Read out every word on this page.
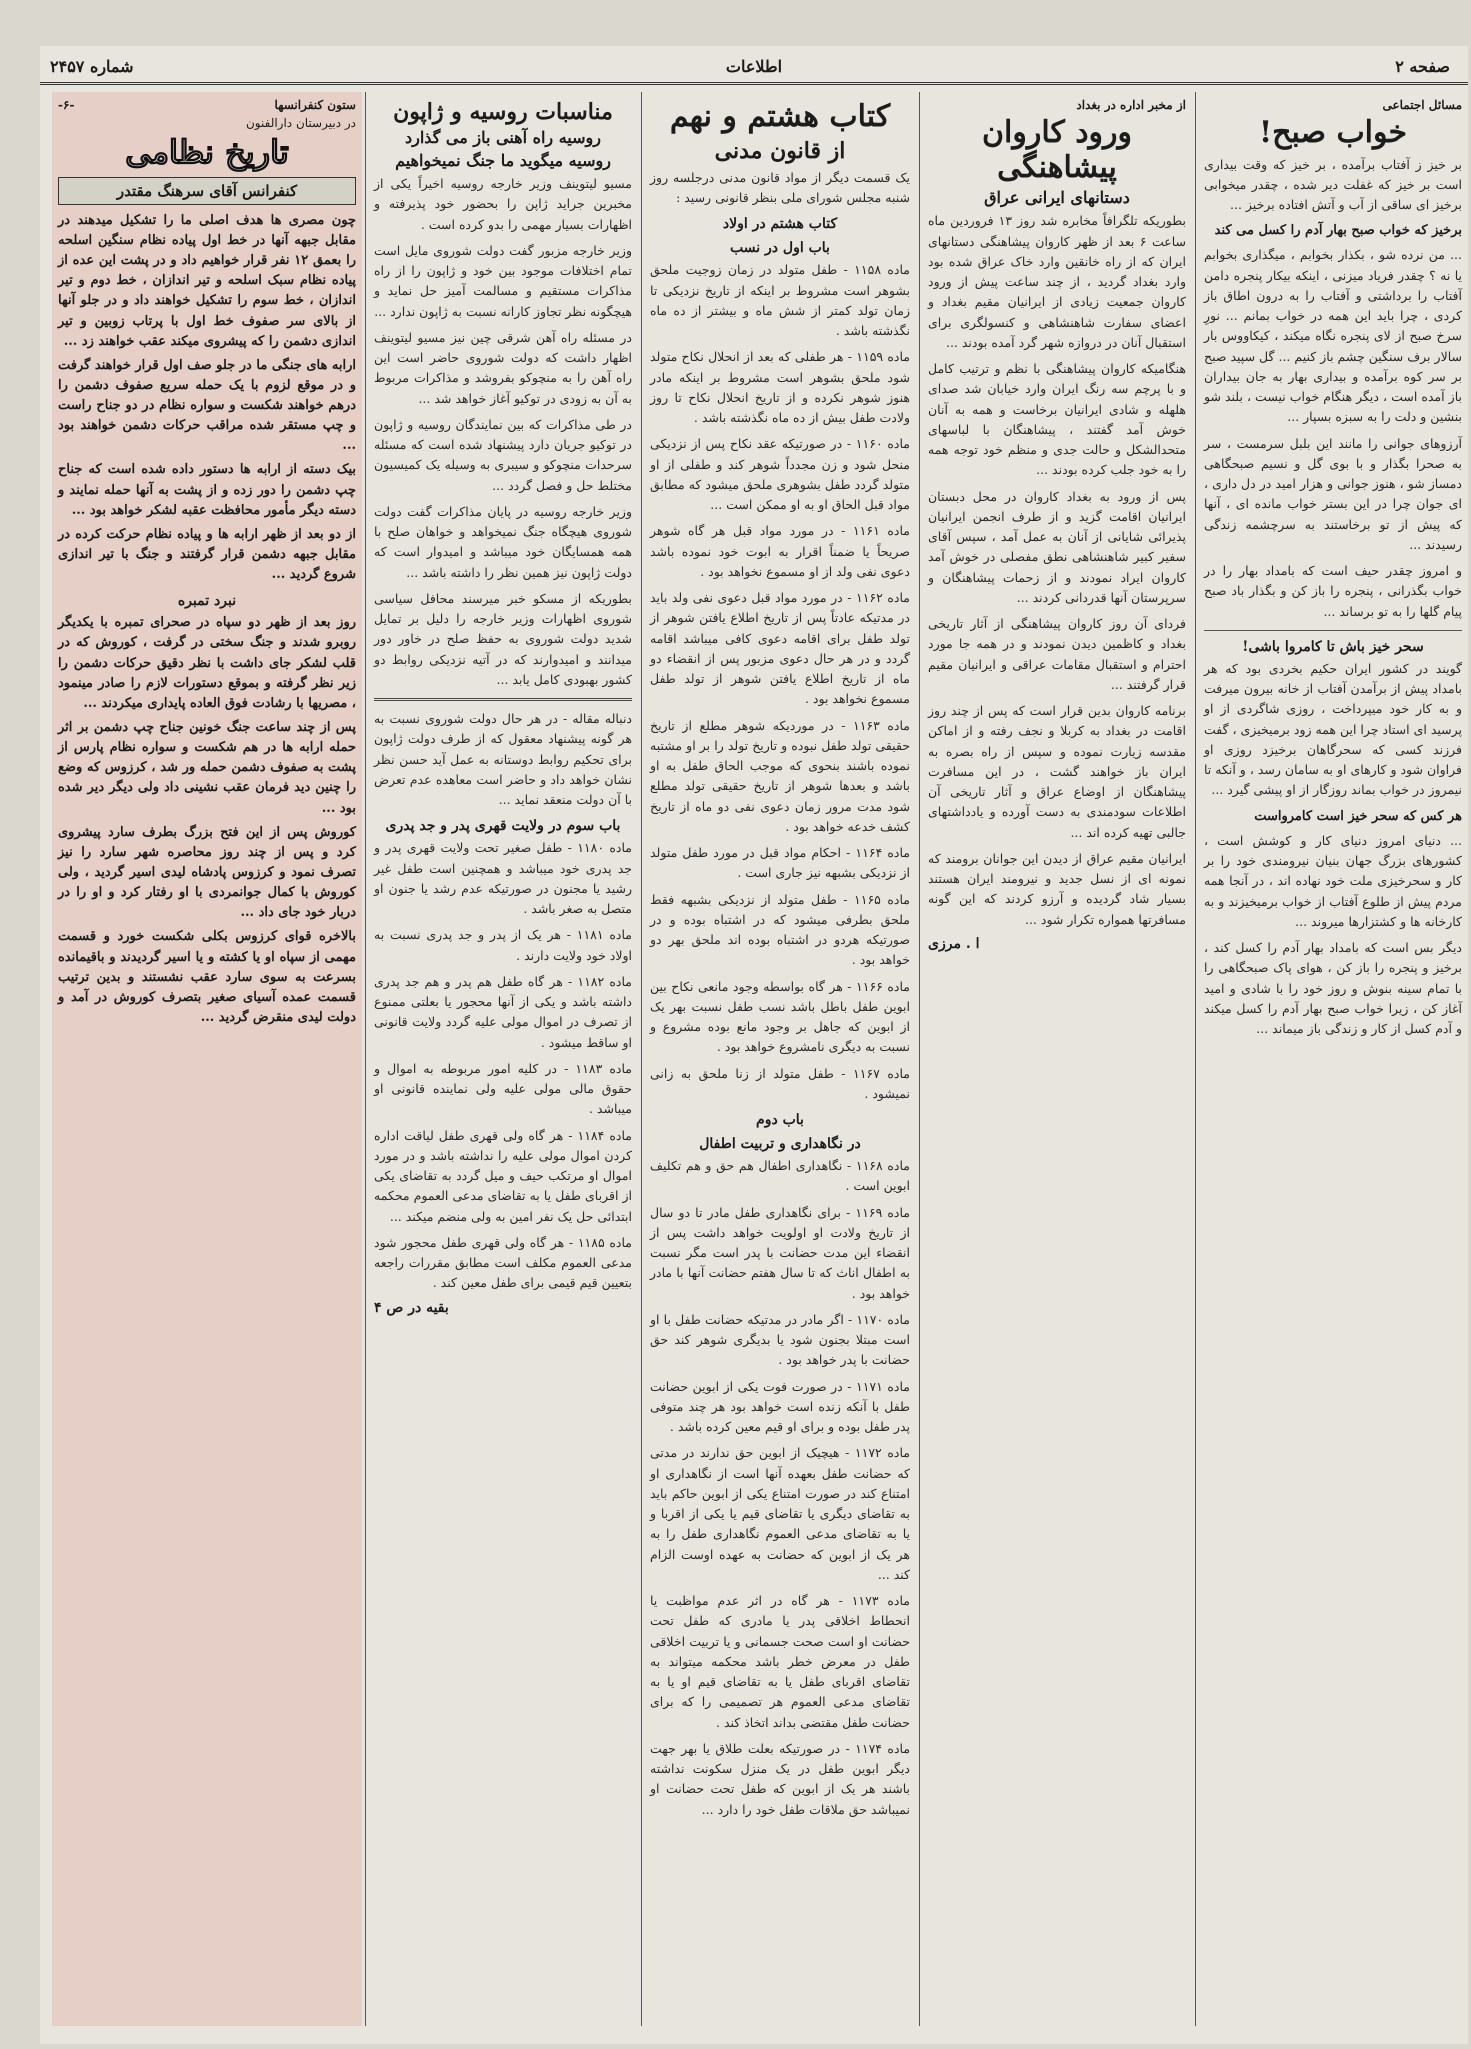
صفحه ۲
اطلاعات
شماره ۲۴۵۷
مسائل اجتماعی
خواب صبح!
بر خیز ز آفتاب برآمده ، بر خیز که وقت بیداری است بر خیز که غفلت دیر شده ، چقدر میخوابی برخیز ای ساقی از آب و آتش افتاده برخیز ...
برخیز که خواب صبح بهار آدم را کسل می کند
... من نرده شو ، بکذار بخوابم ، میگذاری بخوابم یا نه ؟ چقدر فریاد میزنی ، اینکه بیکار پنجره دامن آفتاب را برداشتی و آفتاب را به درون اطاق باز کردی ، چرا باید این همه در خواب بمانم ... نورِ سرخ صبح از لای پنجره نگاه میکند ، کیکاووس بار سالار برف سنگین چشم باز کنیم ... گل سپید صبح بر سر کوه برآمده و بیداری بهار به جان بیداران باز آمده است ، دیگر هنگام خواب نیست ، بلند شو بنشین و دلت را به سبزه بسپار ...
آرزوهای جوانی را مانند این بلبل سرمست ، سر به صحرا بگذار و با بوی گل و نسیم صبحگاهی دمساز شو ، هنوز جوانی و هزار امید در دل داری ، ای جوان چرا در این بستر خواب مانده ای ، آنها که پیش از تو برخاستند به سرچشمه زندگی رسیدند ...
و امروز چقدر حیف است که بامداد بهار را در خواب بگذرانی ، پنجره را باز کن و بگذار باد صبح پیام گلها را به تو برساند ...
سحر خیز باش تا کامروا باشی!
گویند در کشور ایران حکیم بخردی بود که هر بامداد پیش از برآمدن آفتاب از خانه بیرون میرفت و به کار خود میپرداخت ، روزی شاگردی از او پرسید ای استاد چرا این همه زود برمیخیزی ، گفت فرزند کسی که سحرگاهان برخیزد روزی او فراوان شود و کارهای او به سامان رسد ، و آنکه تا نیمروز در خواب بماند روزگار از او پیشی گیرد ...
هر کس که سحر خیز است کامرواست
... دنیای امروز دنیای کار و کوشش است ، کشورهای بزرگ جهان بنیان نیرومندی خود را بر کار و سحرخیزی ملت خود نهاده اند ، در آنجا همه مردم پیش از طلوع آفتاب از خواب برمیخیزند و به کارخانه ها و کشتزارها میروند ...
دیگر بس است که بامداد بهار آدم را کسل کند ، برخیز و پنجره را باز کن ، هوای پاک صبحگاهی را با تمام سینه بنوش و روز خود را با شادی و امید آغاز کن ، زیرا خواب صبح بهار آدم را کسل میکند و آدم کسل از کار و زندگی باز میماند ...
از مخبر اداره در بغداد
ورود کاروان پیشاهنگی
دستانهای ایرانی عراق
بطوریکه تلگرافاً مخابره شد روز ۱۳ فروردین ماه ساعت ۶ بعد از ظهر کاروان پیشاهنگی دستانهای ایران که از راه خانقین وارد خاک عراق شده بود وارد بغداد گردید ، از چند ساعت پیش از ورود کاروان جمعیت زیادی از ایرانیان مقیم بغداد و اعضای سفارت شاهنشاهی و کنسولگری برای استقبال آنان در دروازه شهر گرد آمده بودند ...
هنگامیکه کاروان پیشاهنگی با نظم و ترتیب کامل و با پرچم سه رنگ ایران وارد خیابان شد صدای هلهله و شادی ایرانیان برخاست و همه به آنان خوش آمد گفتند ، پیشاهنگان با لباسهای متحدالشکل و حالت جدی و منظم خود توجه همه را به خود جلب کرده بودند ...
پس از ورود به بغداد کاروان در محل دبستان ایرانیان اقامت گزید و از طرف انجمن ایرانیان پذیرائی شایانی از آنان به عمل آمد ، سپس آقای سفیر کبیر شاهنشاهی نطق مفصلی در خوش آمد کاروان ایراد نمودند و از زحمات پیشاهنگان و سرپرستان آنها قدردانی کردند ...
فردای آن روز کاروان پیشاهنگی از آثار تاریخی بغداد و کاظمین دیدن نمودند و در همه جا مورد احترام و استقبال مقامات عراقی و ایرانیان مقیم قرار گرفتند ...
برنامه کاروان بدین قرار است که پس از چند روز اقامت در بغداد به کربلا و نجف رفته و از اماکن مقدسه زیارت نموده و سپس از راه بصره به ایران باز خواهند گشت ، در این مسافرت پیشاهنگان از اوضاع عراق و آثار تاریخی آن اطلاعات سودمندی به دست آورده و یادداشتهای جالبی تهیه کرده اند ...
ایرانیان مقیم عراق از دیدن این جوانان برومند که نمونه ای از نسل جدید و نیرومند ایران هستند بسیار شاد گردیده و آرزو کردند که این گونه مسافرتها همواره تکرار شود ...
ا . مرزی
کتاب هشتم و نهم
از قانون مدنی
یک قسمت دیگر از مواد قانون مدنی درجلسه روز شنبه مجلس شورای ملی بنظر قانونی رسید :
کتاب هشتم در اولاد
باب اول در نسب
ماده ۱۱۵۸ - طفل متولد در زمان زوجیت ملحق بشوهر است مشروط بر اینکه از تاریخ نزدیکی تا زمان تولد کمتر از شش ماه و بیشتر از ده ماه نگذشته باشد .
ماده ۱۱۵۹ - هر طفلی که بعد از انحلال نکاح متولد شود ملحق بشوهر است مشروط بر اینکه مادر هنوز شوهر نکرده و از تاریخ انحلال نکاح تا روز ولادت طفل بیش از ده ماه نگذشته باشد .
ماده ۱۱۶۰ - در صورتیکه عقد نکاح پس از نزدیکی منحل شود و زن مجدداً شوهر کند و طفلی از او متولد گردد طفل بشوهری ملحق میشود که مطابق مواد قبل الحاق او به او ممکن است ...
ماده ۱۱۶۱ - در مورد مواد قبل هر گاه شوهر صریحاً یا ضمناً اقرار به ابوت خود نموده باشد دعوی نفی ولد از او مسموع نخواهد بود .
ماده ۱۱۶۲ - در مورد مواد قبل دعوی نفی ولد باید در مدتیکه عادتاً پس از تاریخ اطلاع یافتن شوهر از تولد طفل برای اقامه دعوی کافی میباشد اقامه گردد و در هر حال دعوی مزبور پس از انقضاء دو ماه از تاریخ اطلاع یافتن شوهر از تولد طفل مسموع نخواهد بود .
ماده ۱۱۶۳ - در موردیکه شوهر مطلع از تاریخ حقیقی تولد طفل نبوده و تاریخ تولد را بر او مشتبه نموده باشند بنحوی که موجب الحاق طفل به او باشد و بعدها شوهر از تاریخ حقیقی تولد مطلع شود مدت مرور زمان دعوی نفی دو ماه از تاریخ کشف خدعه خواهد بود .
ماده ۱۱۶۴ - احکام مواد قبل در مورد طفل متولد از نزدیکی بشبهه نیز جاری است .
ماده ۱۱۶۵ - طفل متولد از نزدیکی بشبهه فقط ملحق بطرفی میشود که در اشتباه بوده و در صورتیکه هردو در اشتباه بوده اند ملحق بهر دو خواهد بود .
ماده ۱۱۶۶ - هر گاه بواسطه وجود مانعی نکاح بین ابوین طفل باطل باشد نسب طفل نسبت بهر یک از ابوین که جاهل بر وجود مانع بوده مشروع و نسبت به دیگری نامشروع خواهد بود .
ماده ۱۱۶۷ - طفل متولد از زنا ملحق به زانی نمیشود .
باب دوم
در نگاهداری و تربیت اطفال
ماده ۱۱۶۸ - نگاهداری اطفال هم حق و هم تکلیف ابوین است .
ماده ۱۱۶۹ - برای نگاهداری طفل مادر تا دو سال از تاریخ ولادت او اولویت خواهد داشت پس از انقضاء این مدت حضانت با پدر است مگر نسبت به اطفال اناث که تا سال هفتم حضانت آنها با مادر خواهد بود .
ماده ۱۱۷۰ - اگر مادر در مدتیکه حضانت طفل با او است مبتلا بجنون شود یا بدیگری شوهر کند حق حضانت با پدر خواهد بود .
ماده ۱۱۷۱ - در صورت فوت یکی از ابوین حضانت طفل با آنکه زنده است خواهد بود هر چند متوفی پدر طفل بوده و برای او قیم معین کرده باشد .
ماده ۱۱۷۲ - هیچیک از ابوین حق ندارند در مدتی که حضانت طفل بعهده آنها است از نگاهداری او امتناع کند در صورت امتناع یکی از ابوین حاکم باید به تقاضای دیگری یا تقاضای قیم یا یکی از اقربا و یا به تقاضای مدعی العموم نگاهداری طفل را به هر یک از ابوین که حضانت به عهده اوست الزام کند ...
ماده ۱۱۷۳ - هر گاه در اثر عدم مواظبت یا انحطاط اخلاقی پدر یا مادری که طفل تحت حضانت او است صحت جسمانی و یا تربیت اخلاقی طفل در معرض خطر باشد محکمه میتواند به تقاضای اقربای طفل یا به تقاضای قیم او یا به تقاضای مدعی العموم هر تصمیمی را که برای حضانت طفل مقتضی بداند اتخاذ کند .
ماده ۱۱۷۴ - در صورتیکه بعلت طلاق یا بهر جهت دیگر ابوین طفل در یک منزل سکونت نداشته باشند هر یک از ابوین که طفل تحت حضانت او نمیباشد حق ملاقات طفل خود را دارد ...
مناسبات روسیه و ژاپون
روسیه راه آهنی باز می گذارد
روسیه میگوید ما جنگ نمیخواهیم
مسیو لیتوینف وزیر خارجه روسیه اخیراً یکی از مخبرین جراید ژاپن را بحضور خود پذیرفته و اظهارات بسیار مهمی را بدو کرده است .
وزیر خارجه مزبور گفت دولت شوروی مایل است تمام اختلافات موجود بین خود و ژاپون را از راه مذاکرات مستقیم و مسالمت آمیز حل نماید و هیچگونه نظر تجاوز کارانه نسبت به ژاپون ندارد ...
در مسئله راه آهن شرقی چین نیز مسیو لیتوینف اظهار داشت که دولت شوروی حاضر است این راه آهن را به منچوکو بفروشد و مذاکرات مربوط به آن به زودی در توکیو آغاز خواهد شد ...
در طی مذاکرات که بین نمایندگان روسیه و ژاپون در توکیو جریان دارد پیشنهاد شده است که مسئله سرحدات منچوکو و سیبری به وسیله یک کمیسیون مختلط حل و فصل گردد ...
وزیر خارجه روسیه در پایان مذاکرات گفت دولت شوروی هیچگاه جنگ نمیخواهد و خواهان صلح با همه همسایگان خود میباشد و امیدوار است که دولت ژاپون نیز همین نظر را داشته باشد ...
بطوریکه از مسکو خبر میرسند محافل سیاسی شوروی اظهارات وزیر خارجه را دلیل بر تمایل شدید دولت شوروی به حفظ صلح در خاور دور میدانند و امیدوارند که در آتیه نزدیکی روابط دو کشور بهبودی کامل یابد ...
دنباله مقاله - در هر حال دولت شوروی نسبت به هر گونه پیشنهاد معقول که از طرف دولت ژاپون برای تحکیم روابط دوستانه به عمل آید حسن نظر نشان خواهد داد و حاضر است معاهده عدم تعرض با آن دولت منعقد نماید ...
باب سوم در ولایت قهری پدر و جد پدری
ماده ۱۱۸۰ - طفل صغیر تحت ولایت قهری پدر و جد پدری خود میباشد و همچنین است طفل غیر رشید یا مجنون در صورتیکه عدم رشد یا جنون او متصل به صغر باشد .
ماده ۱۱۸۱ - هر یک از پدر و جد پدری نسبت به اولاد خود ولایت دارند .
ماده ۱۱۸۲ - هر گاه طفل هم پدر و هم جد پدری داشته باشد و یکی از آنها محجور یا بعلتی ممنوع از تصرف در اموال مولی علیه گردد ولایت قانونی او ساقط میشود .
ماده ۱۱۸۳ - در کلیه امور مربوطه به اموال و حقوق مالی مولی علیه ولی نماینده قانونی او میباشد .
ماده ۱۱۸۴ - هر گاه ولی قهری طفل لیاقت اداره کردن اموال مولی علیه را نداشته باشد و در مورد اموال او مرتکب حیف و میل گردد به تقاضای یکی از اقربای طفل یا به تقاضای مدعی العموم محکمه ابتدائی حل یک نفر امین به ولی منضم میکند ...
ماده ۱۱۸۵ - هر گاه ولی قهری طفل محجور شود مدعی العموم مکلف است مطابق مقررات راجعه بتعیین قیم قیمی برای طفل معین کند .
بقیه در ص ۴
ستون کنفرانسها
-۶-
در دبیرستان دارالفنون
تاریخ نظامی
کنفرانس آقای سرهنگ مقتدر
چون مصری ها هدف اصلی ما را تشکیل میدهند در مقابل جبهه آنها در خط اول پیاده نظام سنگین اسلحه را بعمق ۱۲ نفر قرار خواهیم داد و در پشت این عده از پیاده نظام سبک اسلحه و تیر اندازان ، خط دوم و تیر اندازان ، خط سوم را تشکیل خواهند داد و در جلو آنها از بالای سر صفوف خط اول با پرتاب زوبین و تیر اندازی دشمن را که پیشروی میکند عقب خواهند زد ...
ارابه های جنگی ما در جلو صف اول قرار خواهند گرفت و در موقع لزوم با یک حمله سریع صفوف دشمن را درهم خواهند شکست و سواره نظام در دو جناح راست و چپ مستقر شده مراقب حرکات دشمن خواهند بود ...
بیک دسته از ارابه ها دستور داده شده است که جناح چپ دشمن را دور زده و از پشت به آنها حمله نمایند و دسته دیگر مأمور محافظت عقبه لشکر خواهد بود ...
از دو بعد از ظهر ارابه ها و پیاده نظام حرکت کرده در مقابل جبهه دشمن قرار گرفتند و جنگ با تیر اندازی شروع گردید ...
نبرد تمبره
روز بعد از ظهر دو سپاه در صحرای تمبره با یکدیگر روبرو شدند و جنگ سختی در گرفت ، کوروش که در قلب لشکر جای داشت با نظر دقیق حرکات دشمن را زیر نظر گرفته و بموقع دستورات لازم را صادر مینمود ، مصریها با رشادت فوق العاده پایداری میکردند ...
پس از چند ساعت جنگ خونین جناح چپ دشمن بر اثر حمله ارابه ها در هم شکست و سواره نظام پارس از پشت به صفوف دشمن حمله ور شد ، کرزوس که وضع را چنین دید فرمان عقب نشینی داد ولی دیگر دیر شده بود ...
کوروش پس از این فتح بزرگ بطرف سارد پیشروی کرد و پس از چند روز محاصره شهر سارد را نیز تصرف نمود و کرزوس پادشاه لیدی اسیر گردید ، ولی کوروش با کمال جوانمردی با او رفتار کرد و او را در دربار خود جای داد ...
بالاخره قوای کرزوس بکلی شکست خورد و قسمت مهمی از سپاه او یا کشته و یا اسیر گردیدند و باقیمانده بسرعت به سوی سارد عقب نشستند و بدین ترتیب قسمت عمده آسیای صغیر بتصرف کوروش در آمد و دولت لیدی منقرض گردید ...
